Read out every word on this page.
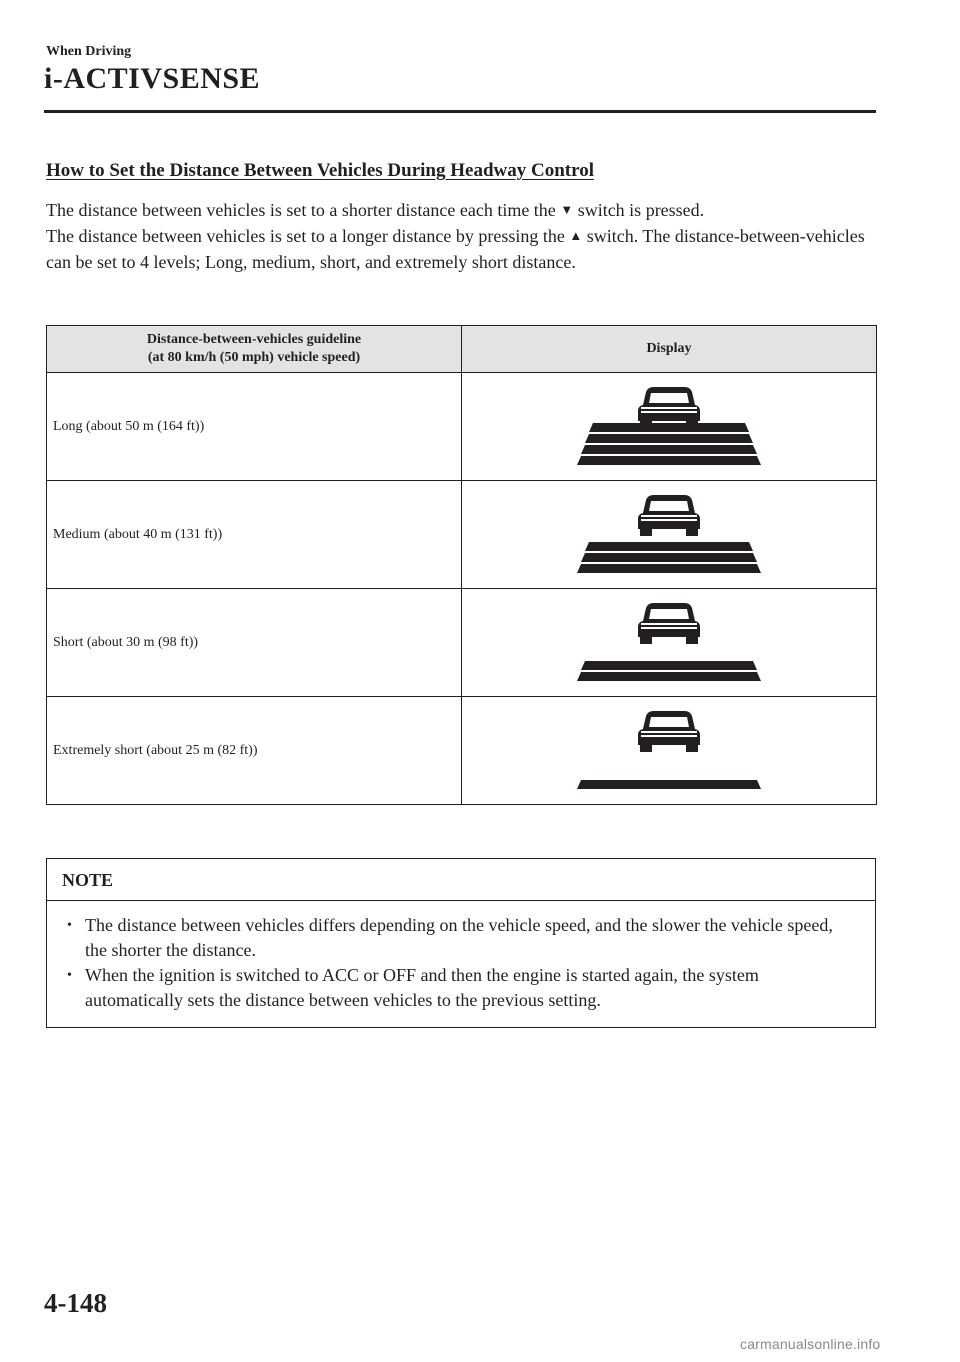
When Driving
i-ACTIVSENSE
How to Set the Distance Between Vehicles During Headway Control

The distance between vehicles is set to a shorter distance each time the ▼ switch is pressed.
The distance between vehicles is set to a longer distance by pressing the ▲ switch. The distance-between-vehicles can be set to 4 levels; Long, medium, short, and extremely short distance.

Distance-between-vehicles guideline
(at 80 km/h (50 mph) vehicle speed)	Display
Long (about 50 m (164 ft))	

Medium (about 40 m (131 ft))	

Short (about 30 m (98 ft))	

Extremely short (about 25 m (82 ft))	
NOTE
• The distance between vehicles differs depending on the vehicle speed, and the slower the vehicle speed, the shorter the distance.
• When the ignition is switched to ACC or OFF and then the engine is started again, the system automatically sets the distance between vehicles to the previous setting.
4-148
carmanualsonline.info
